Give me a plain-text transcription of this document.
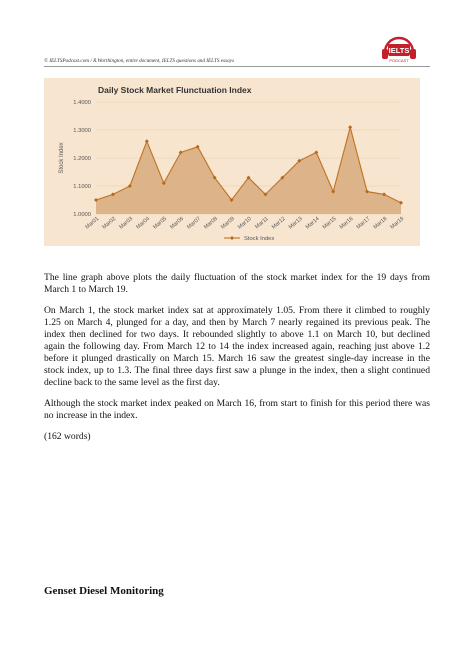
© IELTSPodcast.com / R.Worthington, entire document, IELTS questions and IELTS essays
IELTS
PODCAST
Daily Stock Market Flunctuation Index
Stock Index
1.0000
1.1000
1.2000
1.3000
1.4000
Mar01 Mar02 Mar03 Mar04 Mar05 Mar06 Mar07 Mar08 Mar09 Mar10 Mar11 Mar12 Mar13 Mar14 Mar15 Mar16 Mar17 Mar18 Mar19
Stock Index

The line graph above plots the daily fluctuation of the stock market index for the 19 days from March 1 to March 19.

On March 1, the stock market index sat at approximately 1.05. From there it climbed to roughly 1.25 on March 4, plunged for a day, and then by March 7 nearly regained its previous peak. The index then declined for two days. It rebounded slightly to above 1.1 on March 10, but declined again the following day. From March 12 to 14 the index increased again, reaching just above 1.2 before it plunged drastically on March 15. March 16 saw the greatest single-day increase in the stock index, up to 1.3. The final three days first saw a plunge in the index, then a slight continued decline back to the same level as the first day.

Although the stock market index peaked on March 16, from start to finish for this period there was no increase in the index.

(162 words)

Genset Diesel Monitoring
